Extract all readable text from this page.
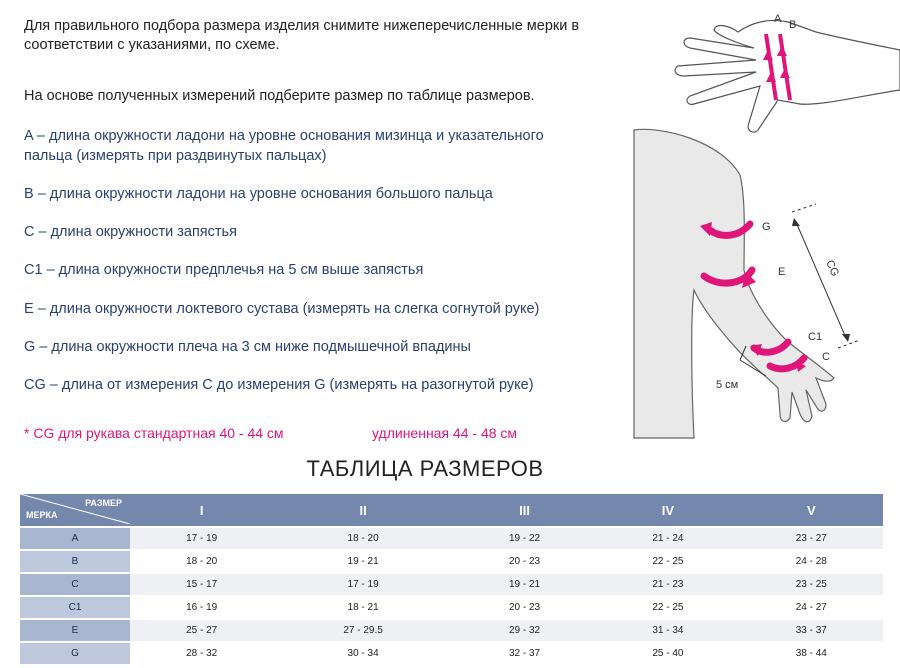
Для правильного подбора размера изделия снимите нижеперечисленные мерки в соответствии с указаниями, по схеме.
На основе полученных измерений подберите размер по таблице размеров.
A – длина окружности ладони на уровне основания мизинца и указательного пальца (измерять при раздвинутых пальцах)
B – длина окружности ладони на уровне основания большого пальца
C – длина окружности запястья
C1 – длина окружности предплечья на 5 см выше запястья
E – длина окружности локтевого сустава (измерять на слегка согнутой руке)
G – длина окружности плеча на 3 см ниже подмышечной впадины
CG – длина от измерения C до измерения G (измерять на разогнутой руке)
* CG для рукава стандартная 40 - 44 см	удлиненная 44 - 48 см
A B
G
E	CG
C1
C
5 см
ТАБЛИЦА РАЗМЕРОВ
РАЗМЕР
МЕРКА	I	II	III	IV	V
A	17 - 19	18 - 20	19 - 22	21 - 24	23 - 27
B	18 - 20	19 - 21	20 - 23	22 - 25	24 - 28
C	15 - 17	17 - 19	19 - 21	21 - 23	23 - 25
C1	16 - 19	18 - 21	20 - 23	22 - 25	24 - 27
E	25 - 27	27 - 29.5	29 - 32	31 - 34	33 - 37
G	28 - 32	30 - 34	32 - 37	25 - 40	38 - 44
